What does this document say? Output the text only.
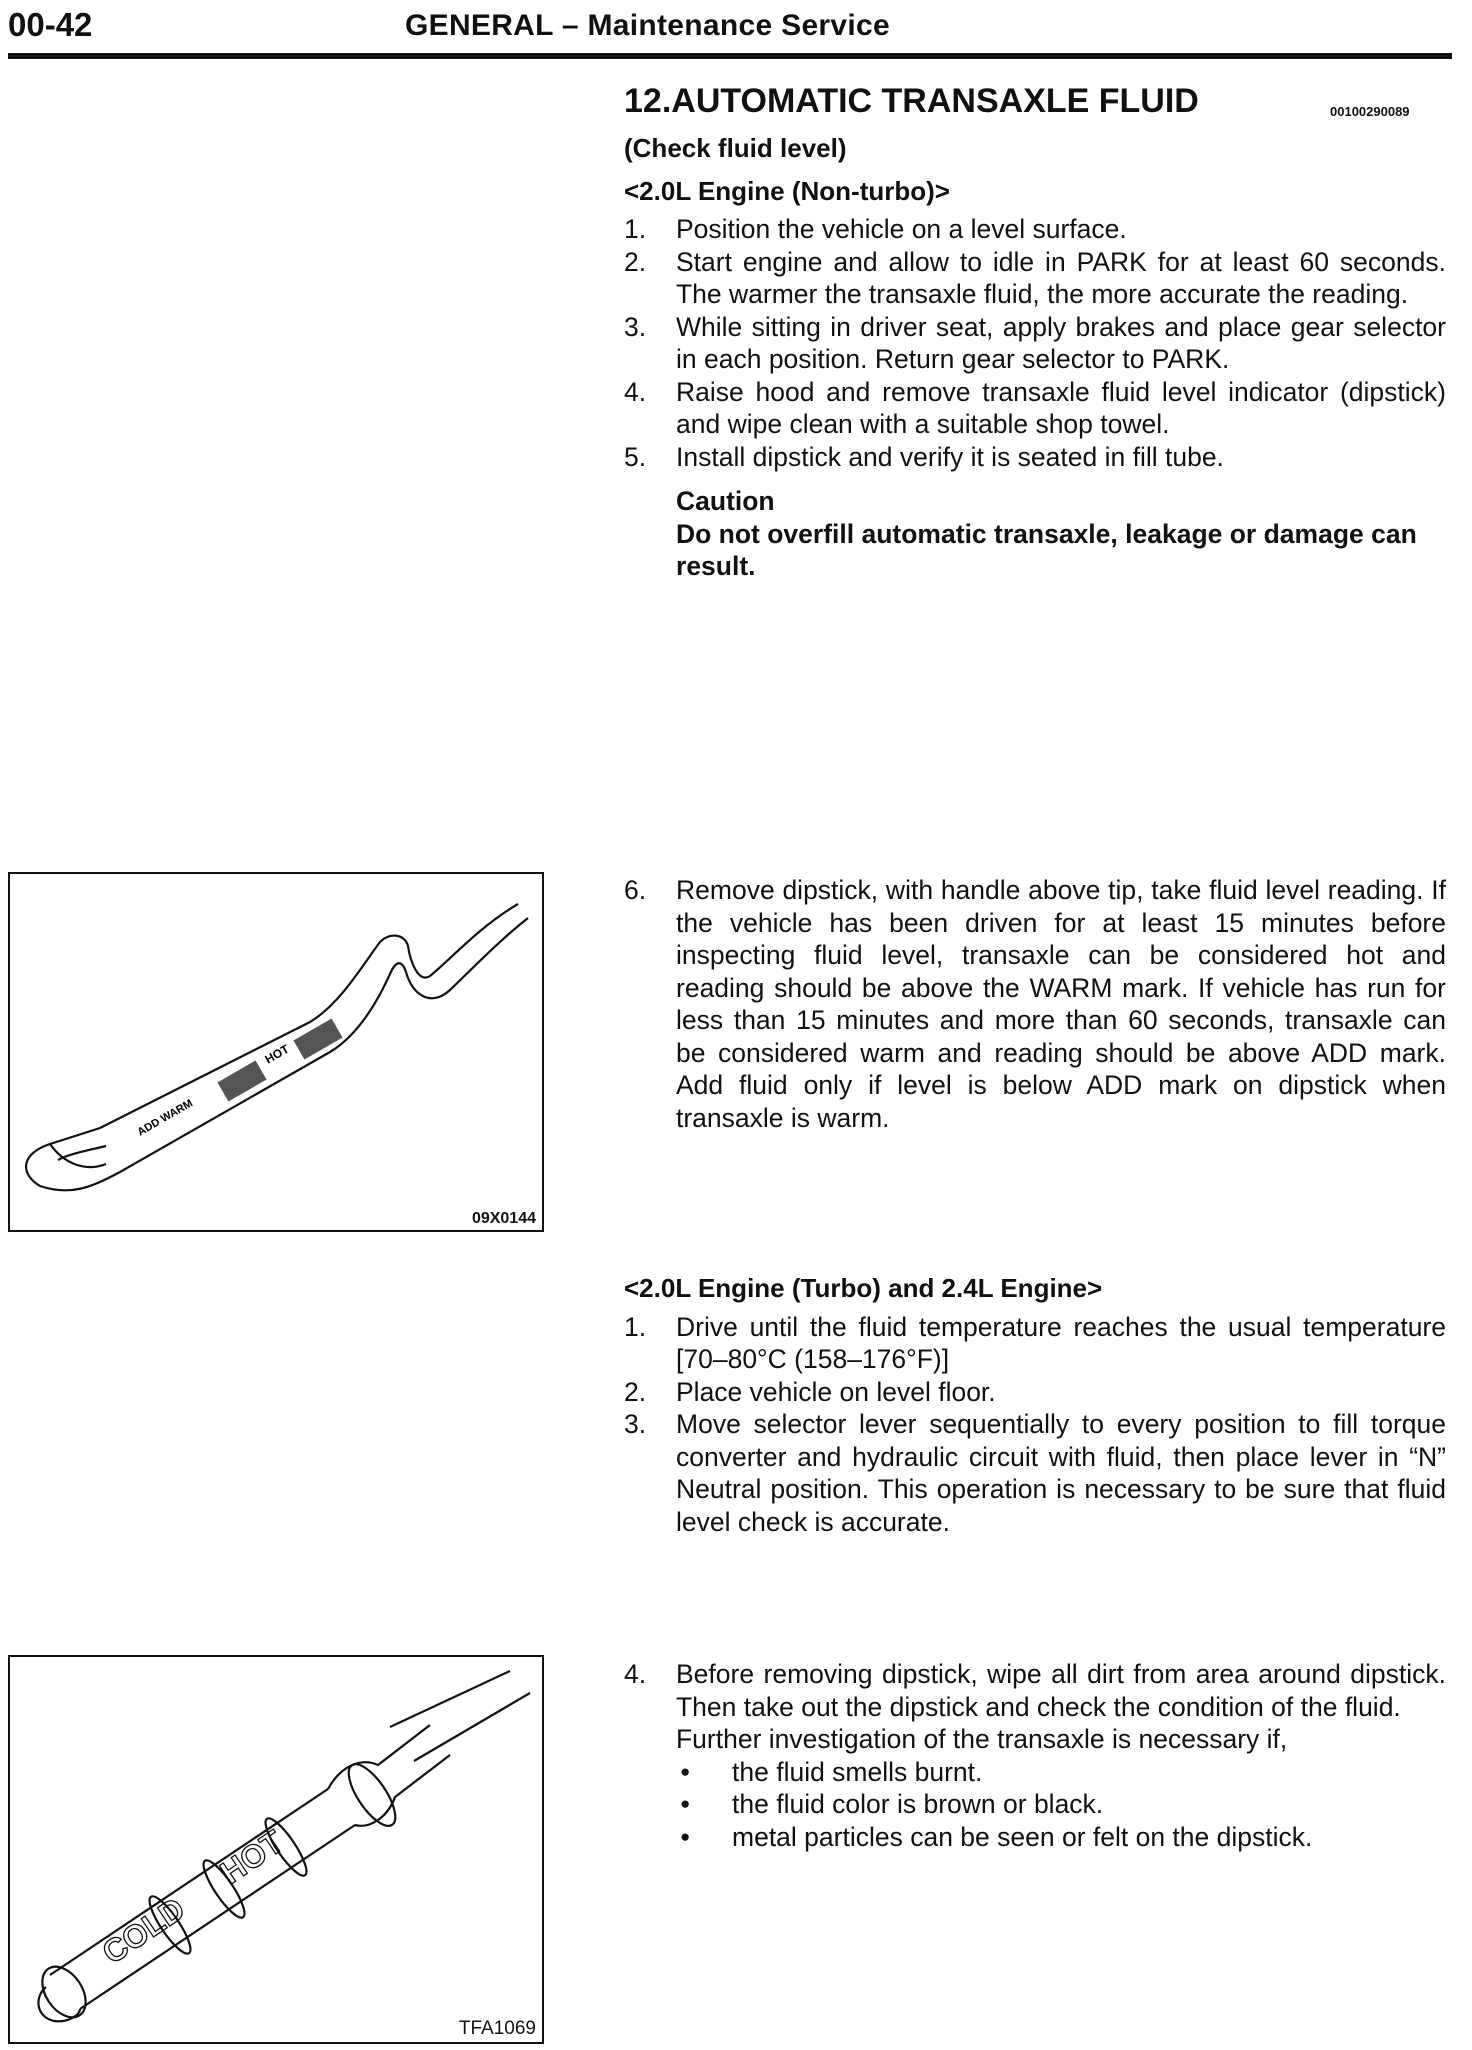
00-42	GENERAL – Maintenance Service
12.AUTOMATIC TRANSAXLE FLUID	00100290089
(Check fluid level)
<2.0L Engine (Non-turbo)>
1. Position the vehicle on a level surface.
2. Start engine and allow to idle in PARK for at least 60 seconds. The warmer the transaxle fluid, the more accurate the reading.
3. While sitting in driver seat, apply brakes and place gear selector in each position. Return gear selector to PARK.
4. Raise hood and remove transaxle fluid level indicator (dipstick) and wipe clean with a suitable shop towel.
5. Install dipstick and verify it is seated in fill tube.
Caution
Do not overfill automatic transaxle, leakage or damage can result.
HOT
ADD WARM
09X0144
6. Remove dipstick, with handle above tip, take fluid level reading. If the vehicle has been driven for at least 15 minutes before inspecting fluid level, transaxle can be considered hot and reading should be above the WARM mark. If vehicle has run for less than 15 minutes and more than 60 seconds, transaxle can be considered warm and reading should be above ADD mark. Add fluid only if level is below ADD mark on dipstick when transaxle is warm.
<2.0L Engine (Turbo) and 2.4L Engine>
1. Drive until the fluid temperature reaches the usual temperature [70–80°C (158–176°F)]
2. Place vehicle on level floor.
3. Move selector lever sequentially to every position to fill torque converter and hydraulic circuit with fluid, then place lever in “N” Neutral position. This operation is necessary to be sure that fluid level check is accurate.
COLD
HOT
TFA1069
4. Before removing dipstick, wipe all dirt from area around dipstick. Then take out the dipstick and check the condition of the fluid.
Further investigation of the transaxle is necessary if,
● the fluid smells burnt.
● the fluid color is brown or black.
● metal particles can be seen or felt on the dipstick.
